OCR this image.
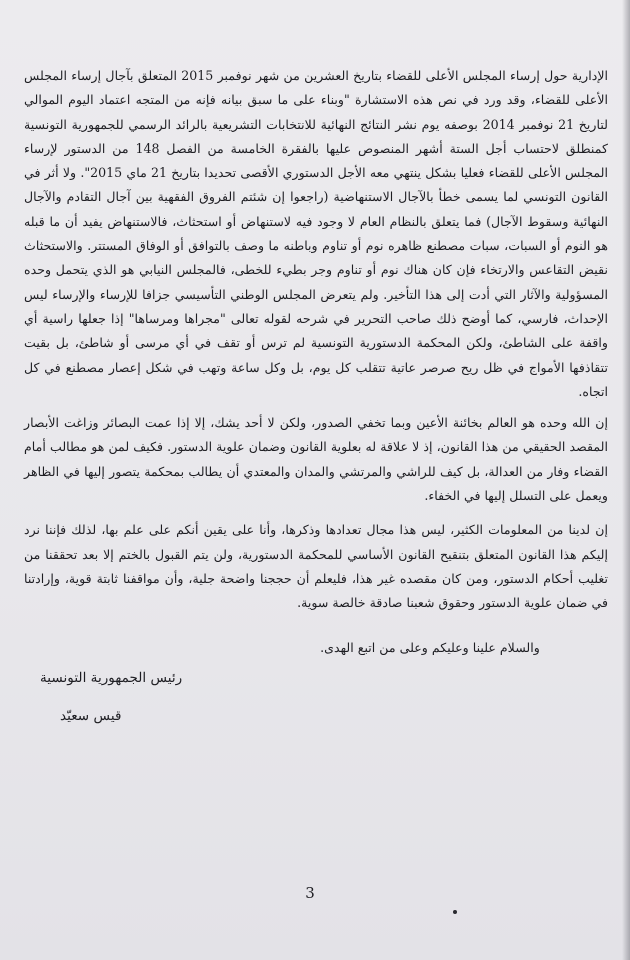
الإدارية حول إرساء المجلس الأعلى للقضاء بتاريخ العشرين من شهر نوفمبر 2015 المتعلق بآجال إرساء المجلس الأعلى للقضاء، وقد ورد في نص هذه الاستشارة "وبناء على ما سبق بيانه فإنه من المتجه اعتماد اليوم الموالي لتاريخ 21 نوفمبر 2014 بوصفه يوم نشر النتائج النهائية للانتخابات التشريعية بالرائد الرسمي للجمهورية التونسية كمنطلق لاحتساب أجل الستة أشهر المنصوص عليها بالفقرة الخامسة من الفصل 148 من الدستور لإرساء المجلس الأعلى للقضاء فعليا بشكل ينتهي معه الأجل الدستوري الأقصى تحديدا بتاريخ 21 ماي 2015". ولا أثر في القانون التونسي لما يسمى خطأ بالآجال الاستنهاضية (راجعوا إن شئتم الفروق الفقهية بين آجال التقادم والآجال النهائية وسقوط الآجال) فما يتعلق بالنظام العام لا وجود فيه لاستنهاض أو استحثاث، فالاستنهاض يفيد أن ما قبله هو النوم أو السبات، سبات مصطنع ظاهره نوم أو تناوم وباطنه ما وصف بالتوافق أو الوفاق المستتر. والاستحثاث نقيض التقاعس والارتخاء فإن كان هناك نوم أو تناوم وجر بطيء للخطى، فالمجلس النيابي هو الذي يتحمل وحده المسؤولية والآثار التي أدت إلى هذا التأخير. ولم يتعرض المجلس الوطني التأسيسي جزافا للإرساء والإرساء ليس الإحداث، فارسي، كما أوضح ذلك صاحب التحرير في شرحه لقوله تعالى "مجراها ومرساها" إذا جعلها راسية أي واقفة على الشاطئ، ولكن المحكمة الدستورية التونسية لم ترس أو تقف في أي مرسى أو شاطئ، بل بقيت تتقاذفها الأمواج في ظل ريح صرصر عاتية تتقلب كل يوم، بل وكل ساعة وتهب في شكل إعصار مصطنع في كل اتجاه.

إن الله وحده هو العالم بخائنة الأعين وبما تخفي الصدور، ولكن لا أحد يشك، إلا إذا عمت البصائر وزاغت الأبصار المقصد الحقيقي من هذا القانون، إذ لا علاقة له بعلوية القانون وضمان علوية الدستور. فكيف لمن هو مطالب أمام القضاء وفار من العدالة، بل كيف للراشي والمرتشي والمدان والمعتدي أن يطالب بمحكمة يتصور إليها في الظاهر ويعمل على التسلل إليها في الخفاء.

إن لدينا من المعلومات الكثير، ليس هذا مجال تعدادها وذكرها، وأنا على يقين أنكم على علم بها، لذلك فإننا نرد إليكم هذا القانون المتعلق بتنقيح القانون الأساسي للمحكمة الدستورية، ولن يتم القبول بالختم إلا بعد تحققنا من تغليب أحكام الدستور، ومن كان مقصده غير هذا، فليعلم أن حججنا واضحة جلية، وأن مواقفنا ثابتة قوية، وإرادتنا في ضمان علوية الدستور وحقوق شعبنا صادقة خالصة سوية.

والسلام علينا وعليكم وعلى من اتبع الهدى.
رئيس الجمهورية التونسية
قيس سعيّد
3
